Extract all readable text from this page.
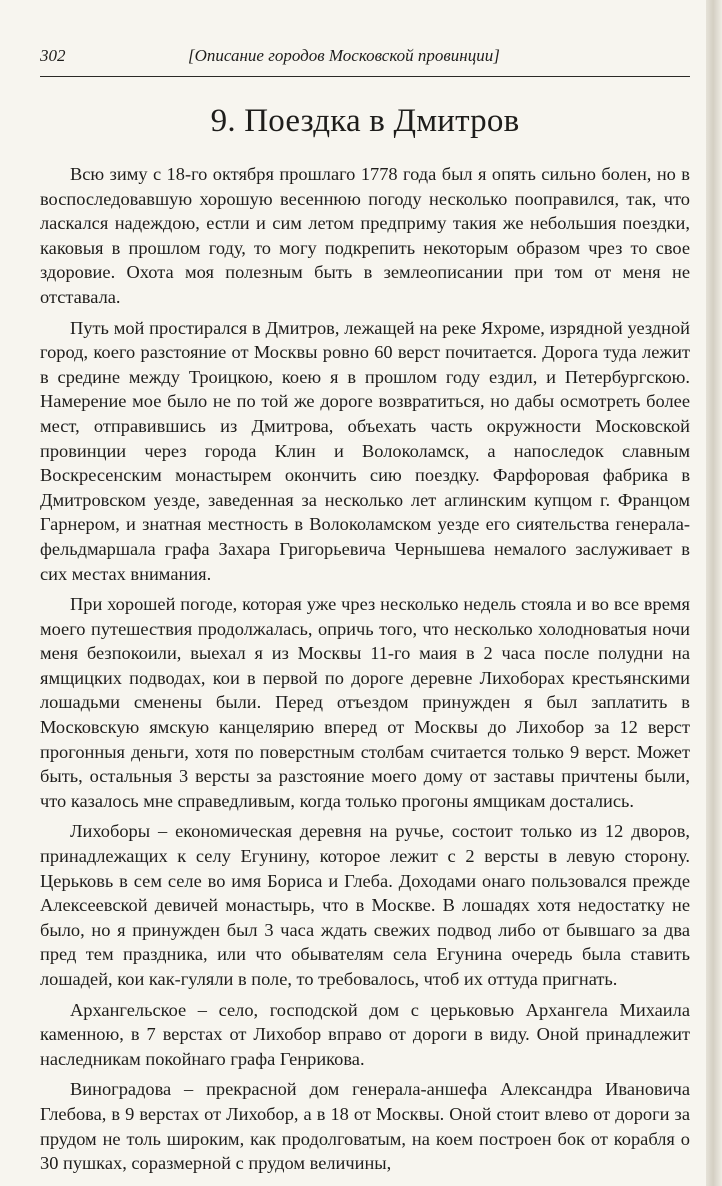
302	[Описание городов Московской провинции]
9. Поездка в Дмитров

Всю зиму с 18-го октября прошлаго 1778 года был я опять сильно болен, но в воспоследовавшую хорошую весеннюю погоду несколько поопpавился, так, что ласкался надеждою, естли и сим летом предприму такия же небольшия поездки, каковыя в прошлом году, то могу подкрепить некоторым образом чрез то свое здоровие. Охота моя полезным быть в землеописании при том от меня не отставала.

Путь мой простирался в Дмитров, лежащей на реке Яхроме, изрядной уездной город, коего разстояние от Москвы ровно 60 верст почитается. Дорога туда лежит в средине между Троицкою, коею я в прошлом году ездил, и Петербургскою. Намерение мое было не по той же дороге возвратиться, но дабы осмотреть более мест, отправившись из Дмитрова, объехать часть окружности Московской провинции через города Клин и Волоколамск, а напоследок славным Воскресенским монастырем окончить сию поездку. Фарфоровая фабрика в Дмитровском уезде, заведенная за несколько лет аглинским купцом г. Францом Гарнером, и знатная местность в Волоколамском уезде его сиятельства генерала-фельдмаршала графа Захара Григорьевича Чернышева немалого заслуживает в сих местах внимания.

При хорошей погоде, которая уже чрез несколько недель стояла и во все время моего путешествия продолжалась, опричь того, что несколько холодноватыя ночи меня безпокоили, выехал я из Москвы 11-го маия в 2 часа после полудни на ямщицких подводах, кои в первой по дороге деревне Лихоборах крестьянскими лошадьми сменены были. Перед отъездом принужден я был заплатить в Московскую ямскую канцелярию вперед от Москвы до Лихобор за 12 верст прогонныя деньги, хотя по поверстным столбам считается только 9 верст. Может быть, остальныя 3 версты за разстояние моего дому от заставы причтены были, что казалось мне справедливым, когда только прогоны ямщикам достались.

Лихоборы – економическая деревня на ручье, состоит только из 12 дворов, принадлежащих к селу Егунину, которое лежит с 2 версты в левую сторону. Церьковь в сем селе во имя Бориса и Глеба. Доходами онаго пользовался прежде Алексеевской девичей монастырь, что в Москве. В лошадях хотя недостатку не было, но я принужден был 3 часа ждать свежих подвод либо от бывшаго за два пред тем праздника, или что обывателям села Егунина очередь была ставить лошадей, кои как-гуляли в поле, то требовалось, чтоб их оттуда пригнать.

Архангельское – село, господской дом с церьковью Архангела Михаила каменною, в 7 верстах от Лихобор вправо от дороги в виду. Оной принадлежит наследникам покойнаго графа Генрикова.

Виноградова – прекрасной дом генерала-аншефа Александра Ивановича Глебова, в 9 верстах от Лихобор, а в 18 от Москвы. Оной стоит влево от дороги за прудом не толь широким, как продолговатым, на коем построен бок от корабля о 30 пушках, соразмерной с прудом величины,
